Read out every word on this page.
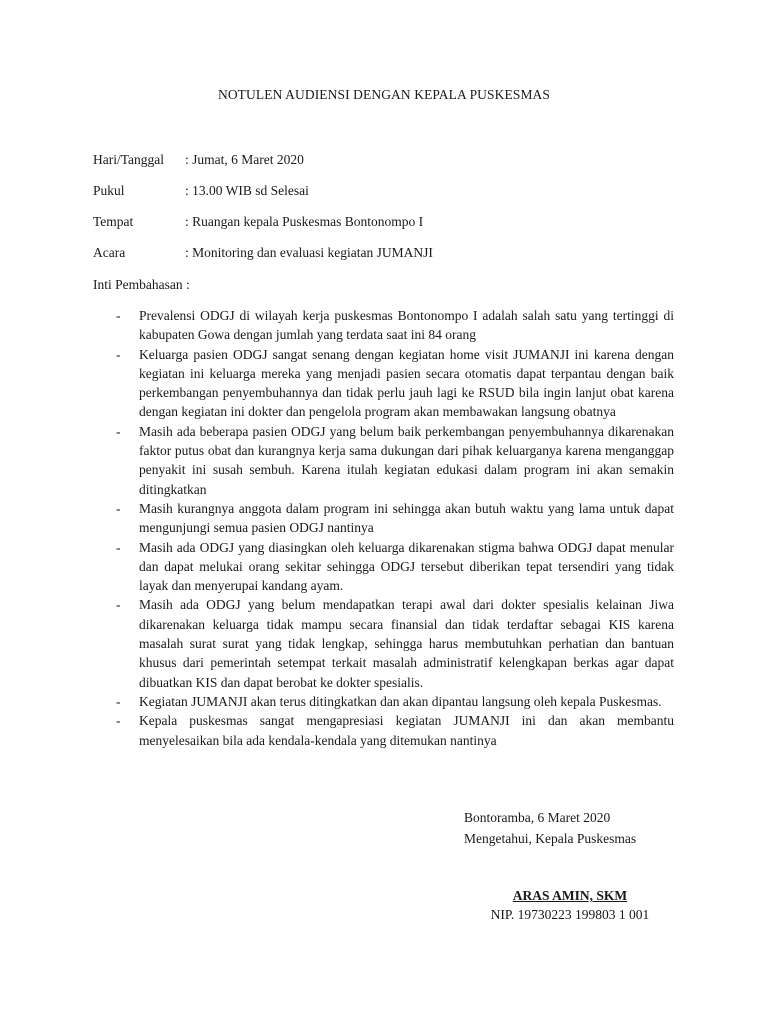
NOTULEN AUDIENSI DENGAN KEPALA PUSKESMAS
Hari/Tanggal	: Jumat, 6 Maret 2020
Pukul	: 13.00 WIB sd Selesai
Tempat	: Ruangan kepala Puskesmas Bontonompo I
Acara	: Monitoring dan evaluasi kegiatan JUMANJI
Inti Pembahasan :
-	Prevalensi ODGJ di wilayah kerja puskesmas Bontonompo I adalah salah satu yang tertinggi di kabupaten Gowa dengan jumlah yang terdata saat ini 84 orang
-	Keluarga pasien ODGJ sangat senang dengan kegiatan home visit JUMANJI ini karena dengan kegiatan ini keluarga mereka yang menjadi pasien secara otomatis dapat terpantau dengan baik perkembangan penyembuhannya dan tidak perlu jauh lagi ke RSUD bila ingin lanjut obat karena dengan kegiatan ini dokter dan pengelola program akan membawakan langsung obatnya
-	Masih ada beberapa pasien ODGJ yang belum baik perkembangan penyembuhannya dikarenakan faktor putus obat dan kurangnya kerja sama dukungan dari pihak keluarganya karena menganggap penyakit ini susah sembuh. Karena itulah kegiatan edukasi dalam program ini akan semakin ditingkatkan
-	Masih kurangnya anggota dalam program ini sehingga akan butuh waktu yang lama untuk dapat mengunjungi semua pasien ODGJ nantinya
-	Masih ada ODGJ yang diasingkan oleh keluarga dikarenakan stigma bahwa ODGJ dapat menular dan dapat melukai orang sekitar sehingga ODGJ tersebut diberikan tepat tersendiri yang tidak layak dan menyerupai kandang ayam.
-	Masih ada ODGJ yang belum mendapatkan terapi awal dari dokter spesialis kelainan Jiwa dikarenakan keluarga tidak mampu secara finansial dan tidak terdaftar sebagai KIS karena masalah surat surat yang tidak lengkap, sehingga harus membutuhkan perhatian dan bantuan khusus dari pemerintah setempat terkait masalah administratif kelengkapan berkas agar dapat dibuatkan KIS dan dapat berobat ke dokter spesialis.
-	Kegiatan JUMANJI akan terus ditingkatkan dan akan dipantau langsung oleh kepala Puskesmas.
-	Kepala puskesmas sangat mengapresiasi kegiatan JUMANJI ini dan akan membantu menyelesaikan bila ada kendala-kendala yang ditemukan nantinya
Bontoramba, 6 Maret 2020
Mengetahui, Kepala Puskesmas
ARAS AMIN, SKM
NIP. 19730223 199803 1 001
